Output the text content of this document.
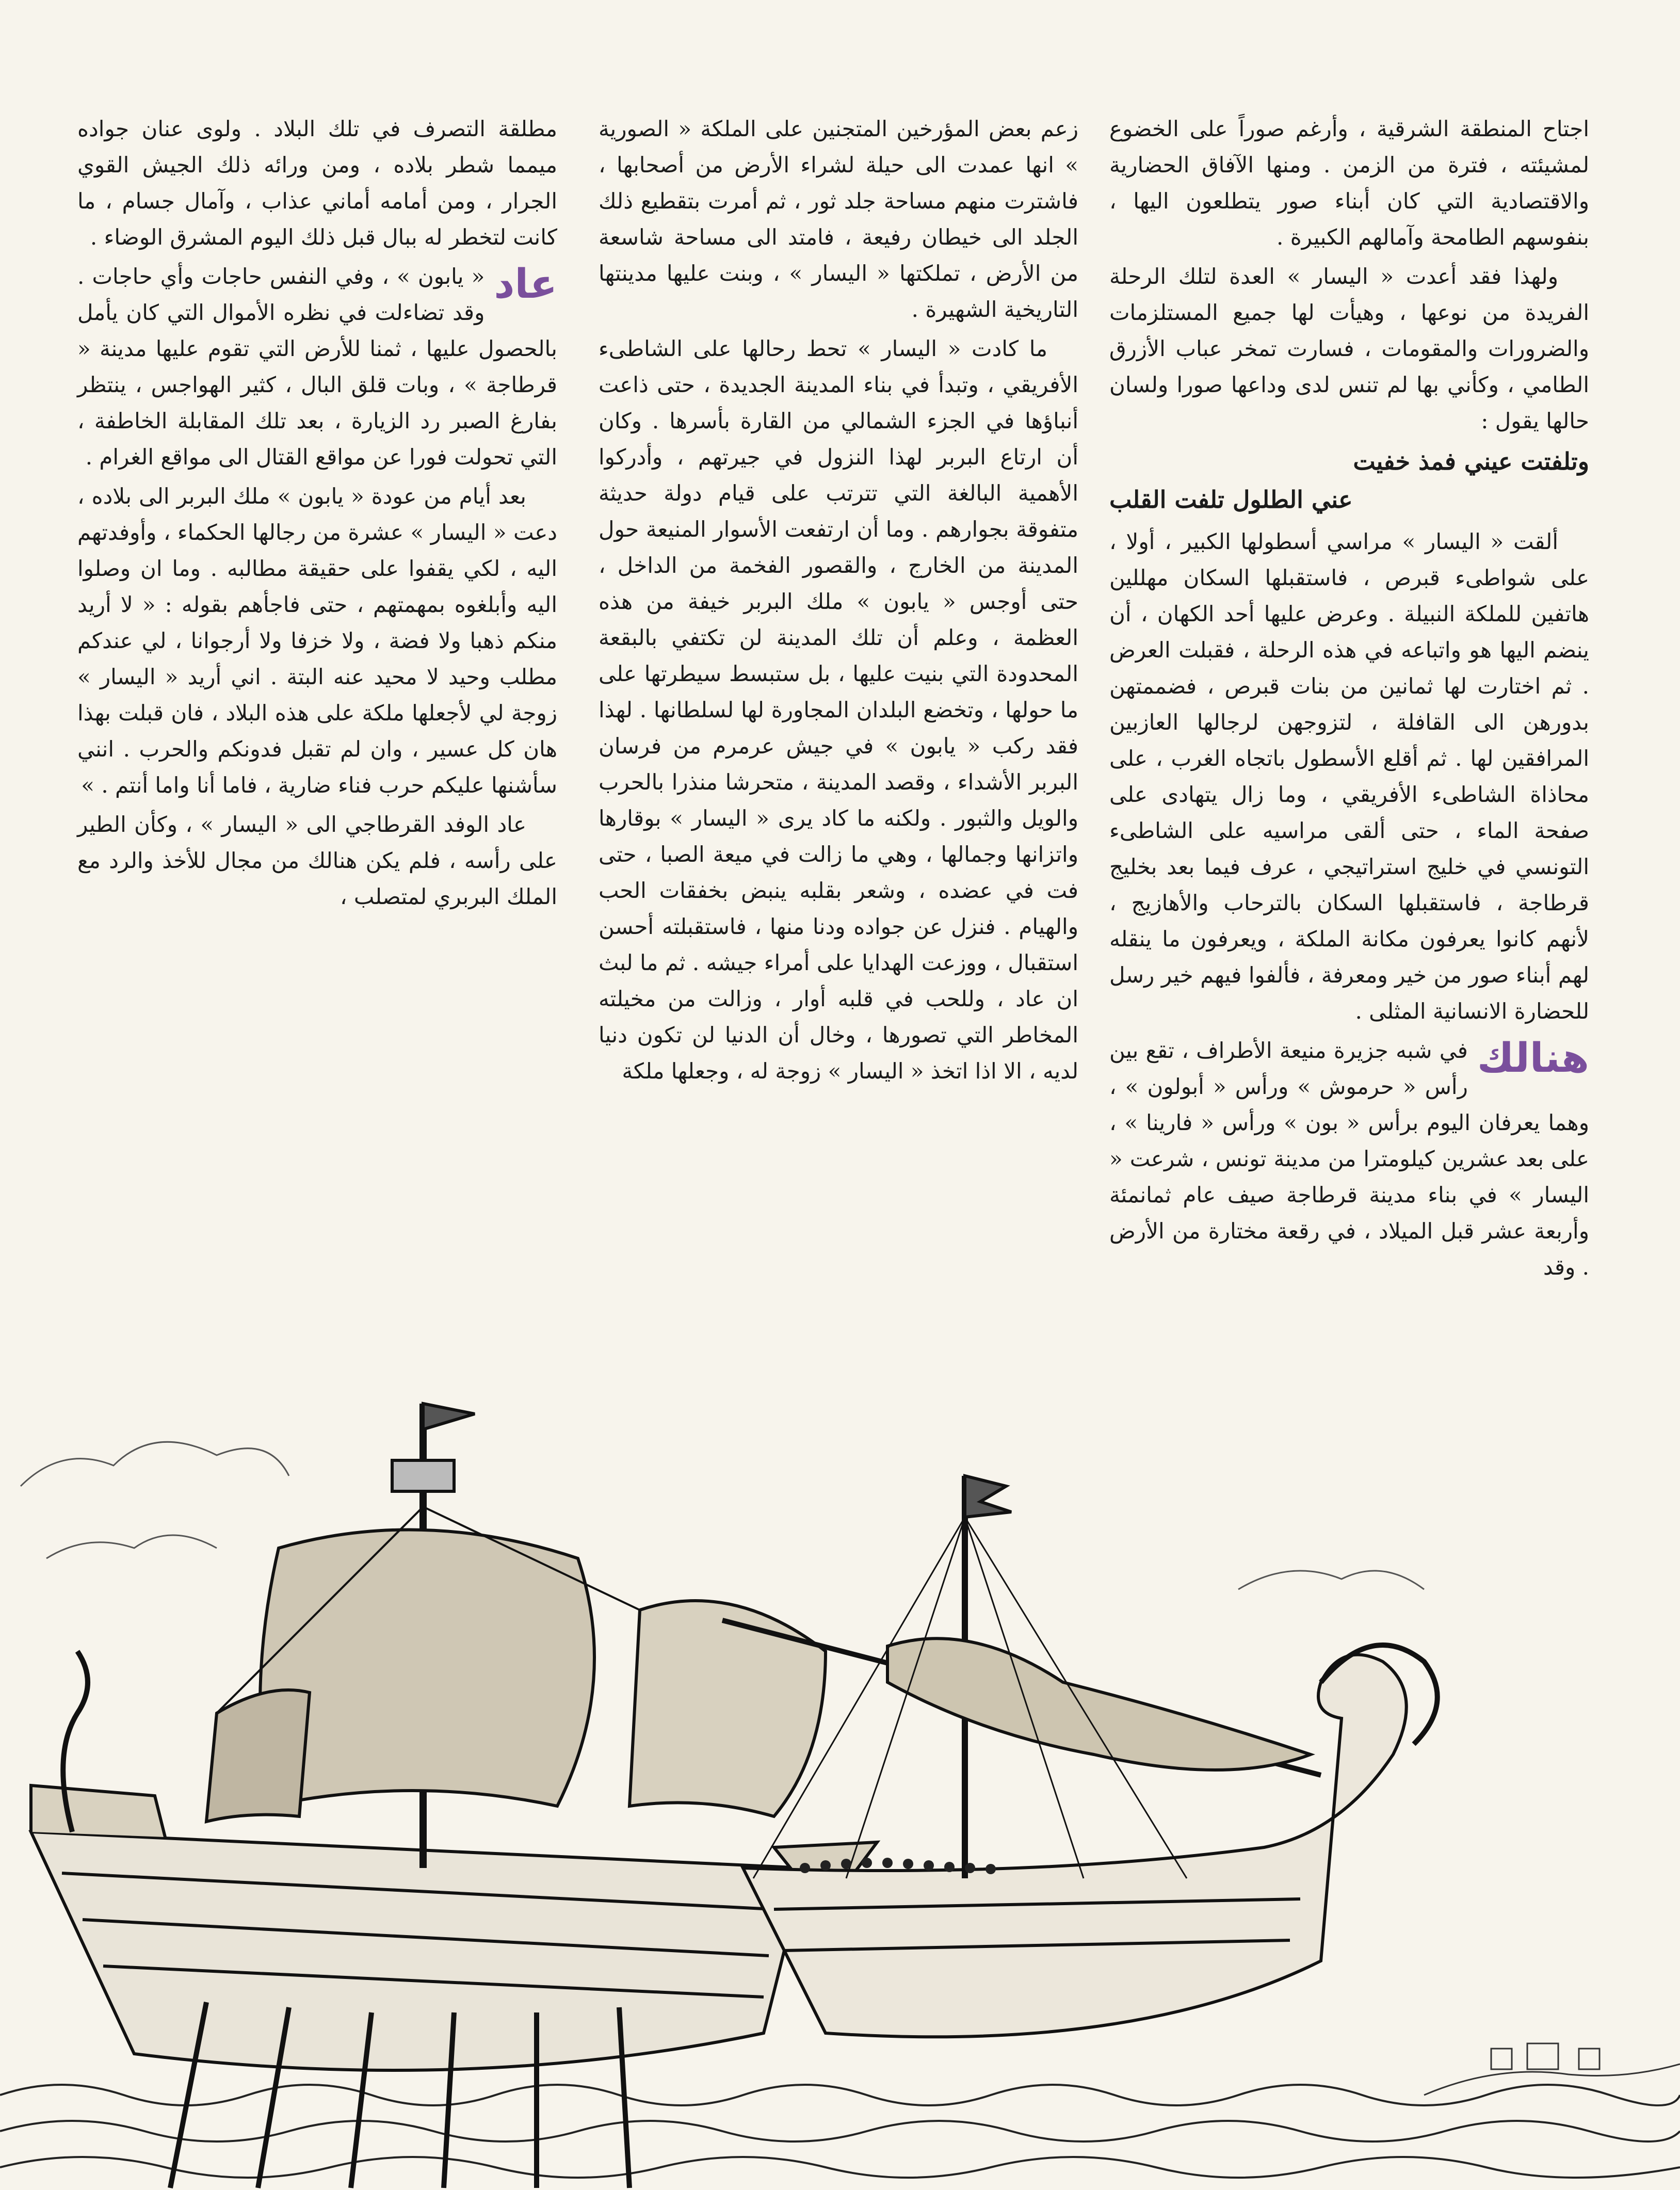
اجتاح المنطقة الشرقية ، وأرغم صوراً على الخضوع لمشيئته ، فترة من الزمن . ومنها الآفاق الحضارية والاقتصادية التي كان أبناء صور يتطلعون اليها ، بنفوسهم الطامحة وآمالهم الكبيرة .

ولهذا فقد أعدت « اليسار » العدة لتلك الرحلة الفريدة من نوعها ، وهيأت لها جميع المستلزمات والضرورات والمقومات ، فسارت تمخر عباب الأزرق الطامي ، وكأني بها لم تنس لدى وداعها صورا ولسان حالها يقول :

وتلفتت عيني فمذ خفيت
عني الطلول تلفت القلب

ألقت « اليسار » مراسي أسطولها الكبير ، أولا ، على شواطىء قبرص ، فاستقبلها السكان مهللين هاتفين للملكة النبيلة . وعرض عليها أحد الكهان ، أن ينضم اليها هو واتباعه في هذه الرحلة ، فقبلت العرض . ثم اختارت لها ثمانين من بنات قبرص ، فضممتهن بدورهن الى القافلة ، لتزوجهن لرجالها العازبين المرافقين لها . ثم أقلع الأسطول باتجاه الغرب ، على محاذاة الشاطىء الأفريقي ، وما زال يتهادى على صفحة الماء ، حتى ألقى مراسيه على الشاطىء التونسي في خليج استراتيجي ، عرف فيما بعد بخليج قرطاجة ، فاستقبلها السكان بالترحاب والأهازيج ، لأنهم كانوا يعرفون مكانة الملكة ، ويعرفون ما ينقله لهم أبناء صور من خير ومعرفة ، فألفوا فيهم خير رسل للحضارة الانسانية المثلى .

هنالك
في شبه جزيرة منيعة الأطراف ، تقع بين رأس « حرموش » ورأس « أبولون » ، وهما يعرفان اليوم برأس « بون » ورأس « فارينا » ، على بعد عشرين كيلومترا من مدينة تونس ، شرعت « اليسار » في بناء مدينة قرطاجة صيف عام ثمانمئة وأربعة عشر قبل الميلاد ، في رقعة مختارة من الأرض . وقد

زعم بعض المؤرخين المتجنين على الملكة « الصورية » انها عمدت الى حيلة لشراء الأرض من أصحابها ، فاشترت منهم مساحة جلد ثور ، ثم أمرت بتقطيع ذلك الجلد الى خيطان رفيعة ، فامتد الى مساحة شاسعة من الأرض ، تملكتها « اليسار » ، وبنت عليها مدينتها التاريخية الشهيرة .

ما كادت « اليسار » تحط رحالها على الشاطىء الأفريقي ، وتبدأ في بناء المدينة الجديدة ، حتى ذاعت أنباؤها في الجزء الشمالي من القارة بأسرها . وكان أن ارتاع البربر لهذا النزول في جيرتهم ، وأدركوا الأهمية البالغة التي تترتب على قيام دولة حديثة متفوقة بجوارهم . وما أن ارتفعت الأسوار المنيعة حول المدينة من الخارج ، والقصور الفخمة من الداخل ، حتى أوجس « يابون » ملك البربر خيفة من هذه العظمة ، وعلم أن تلك المدينة لن تكتفي بالبقعة المحدودة التي بنيت عليها ، بل ستبسط سيطرتها على ما حولها ، وتخضع البلدان المجاورة لها لسلطانها . لهذا فقد ركب « يابون » في جيش عرمرم من فرسان البربر الأشداء ، وقصد المدينة ، متحرشا منذرا بالحرب والويل والثبور . ولكنه ما كاد يرى « اليسار » بوقارها واتزانها وجمالها ، وهي ما زالت في ميعة الصبا ، حتى فت في عضده ، وشعر بقلبه ينبض بخفقات الحب والهيام . فنزل عن جواده ودنا منها ، فاستقبلته أحسن استقبال ، ووزعت الهدايا على أمراء جيشه . ثم ما لبث ان عاد ، وللحب في قلبه أوار ، وزالت من مخيلته المخاطر التي تصورها ، وخال أن الدنيا لن تكون دنيا لديه ، الا اذا اتخذ « اليسار » زوجة له ، وجعلها ملكة

مطلقة التصرف في تلك البلاد . ولوى عنان جواده ميمما شطر بلاده ، ومن ورائه ذلك الجيش القوي الجرار ، ومن أمامه أماني عذاب ، وآمال جسام ، ما كانت لتخطر له ببال قبل ذلك اليوم المشرق الوضاء .

عاد
« يابون » ، وفي النفس حاجات وأي حاجات . وقد تضاءلت في نظره الأموال التي كان يأمل بالحصول عليها ، ثمنا للأرض التي تقوم عليها مدينة « قرطاجة » ، وبات قلق البال ، كثير الهواجس ، ينتظر بفارغ الصبر رد الزيارة ، بعد تلك المقابلة الخاطفة ، التي تحولت فورا عن مواقع القتال الى مواقع الغرام .

بعد أيام من عودة « يابون » ملك البربر الى بلاده ، دعت « اليسار » عشرة من رجالها الحكماء ، وأوفدتهم اليه ، لكي يقفوا على حقيقة مطالبه . وما ان وصلوا اليه وأبلغوه بمهمتهم ، حتى فاجأهم بقوله : « لا أريد منكم ذهبا ولا فضة ، ولا خزفا ولا أرجوانا ، لي عندكم مطلب وحيد لا محيد عنه البتة . اني أريد « اليسار » زوجة لي لأجعلها ملكة على هذه البلاد ، فان قبلت بهذا هان كل عسير ، وان لم تقبل فدونكم والحرب . انني سأشنها عليكم حرب فناء ضارية ، فاما أنا واما أنتم . »

عاد الوفد القرطاجي الى « اليسار » ، وكأن الطير على رأسه ، فلم يكن هنالك من مجال للأخذ والرد مع الملك البربري لمتصلب ،
